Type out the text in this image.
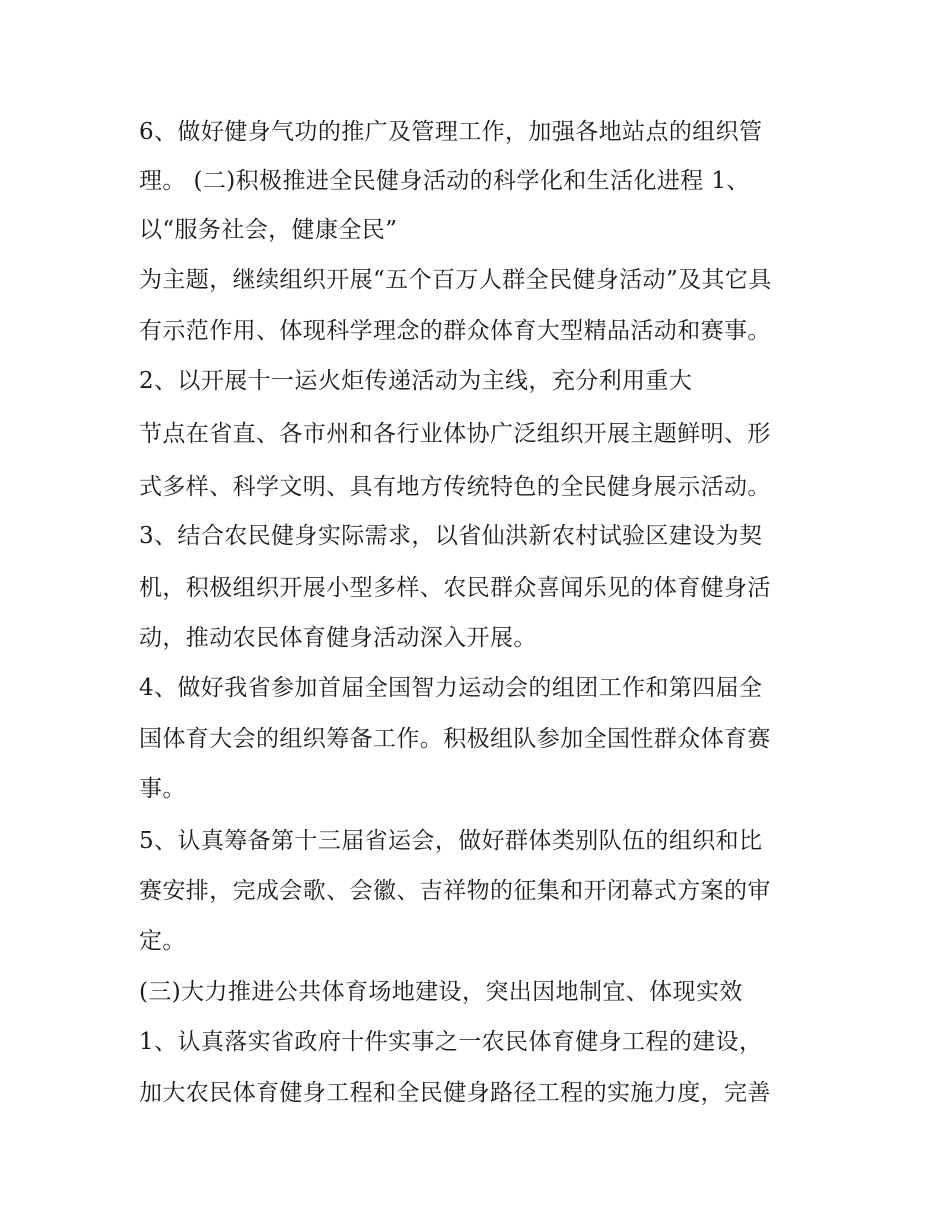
6、做好健身气功的推广及管理工作，加强各地站点的组织管

理。 (二)积极推进全民健身活动的科学化和生活化进程 1、

以“服务社会，健康全民”

为主题，继续组织开展“五个百万人群全民健身活动”及其它具

有示范作用、体现科学理念的群众体育大型精品活动和赛事。

2、以开展十一运火炬传递活动为主线，充分利用重大

节点在省直、各市州和各行业体协广泛组织开展主题鲜明、形

式多样、科学文明、具有地方传统特色的全民健身展示活动。

3、结合农民健身实际需求，以省仙洪新农村试验区建设为契

机，积极组织开展小型多样、农民群众喜闻乐见的体育健身活

动，推动农民体育健身活动深入开展。

4、做好我省参加首届全国智力运动会的组团工作和第四届全

国体育大会的组织筹备工作。积极组队参加全国性群众体育赛

事。

5、认真筹备第十三届省运会，做好群体类别队伍的组织和比

赛安排，完成会歌、会徽、吉祥物的征集和开闭幕式方案的审

定。

(三)大力推进公共体育场地建设，突出因地制宜、体现实效

1、认真落实省政府十件实事之一农民体育健身工程的建设，

加大农民体育健身工程和全民健身路径工程的实施力度，完善
